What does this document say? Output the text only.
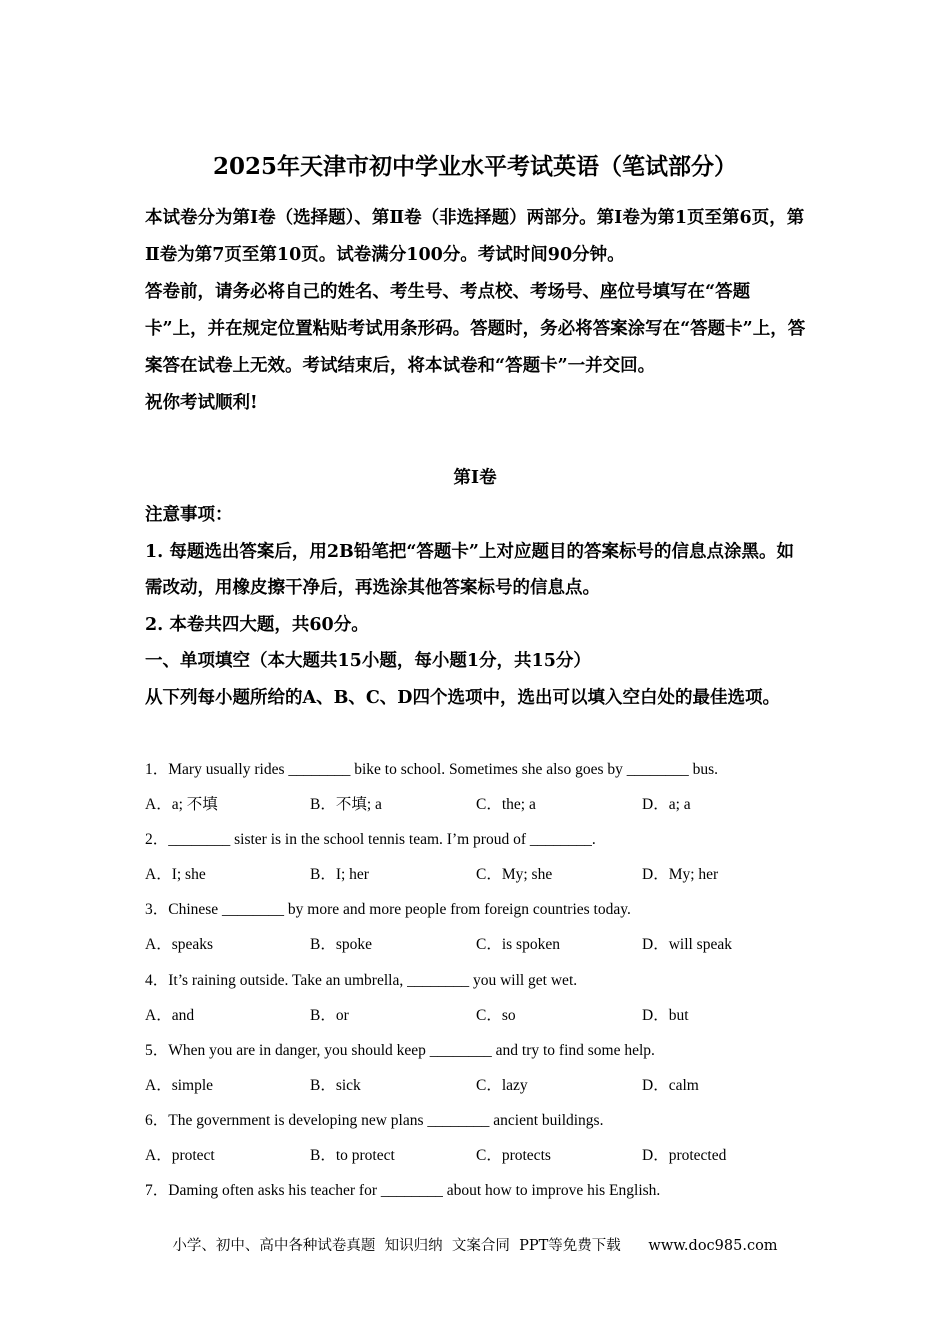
2025年天津市初中学业水平考试英语（笔试部分）

本试卷分为第Ⅰ卷（选择题）、第Ⅱ卷（非选择题）两部分。第Ⅰ卷为第1页至第6页，第Ⅱ卷为第7页至第10页。试卷满分100分。考试时间90分钟。

答卷前，请务必将自己的姓名、考生号、考点校、考场号、座位号填写在“答题卡”上，并在规定位置粘贴考试用条形码。答题时，务必将答案涂写在“答题卡”上，答案答在试卷上无效。考试结束后，将本试卷和“答题卡”一并交回。

祝你考试顺利!

第Ⅰ卷

注意事项：

1. 每题选出答案后，用2B铅笔把“答题卡”上对应题目的答案标号的信息点涂黑。如需改动，用橡皮擦干净后，再选涂其他答案标号的信息点。

2. 本卷共四大题，共60分。

一、单项填空（本大题共15小题，每小题1分，共15分）

从下列每小题所给的A、B、C、D四个选项中，选出可以填入空白处的最佳选项。

1．Mary usually rides ________ bike to school. Sometimes she also goes by ________ bus.
A．a; 不填	B．不填; a	C．the; a	D．a; a
2．________ sister is in the school tennis team. I’m proud of ________.
A．I; she	B．I; her	C．My; she	D．My; her
3．Chinese ________ by more and more people from foreign countries today.
A．speaks	B．spoke	C．is spoken	D．will speak
4．It’s raining outside. Take an umbrella, ________ you will get wet.
A．and	B．or	C．so	D．but
5．When you are in danger, you should keep ________ and try to find some help.
A．simple	B．sick	C．lazy	D．calm
6．The government is developing new plans ________ ancient buildings.
A．protect	B．to protect	C．protects	D．protected
7．Daming often asks his teacher for ________ about how to improve his English.
小学、初中、高中各种试卷真题  知识归纳  文案合同  PPT等免费下载      www.doc985.com
